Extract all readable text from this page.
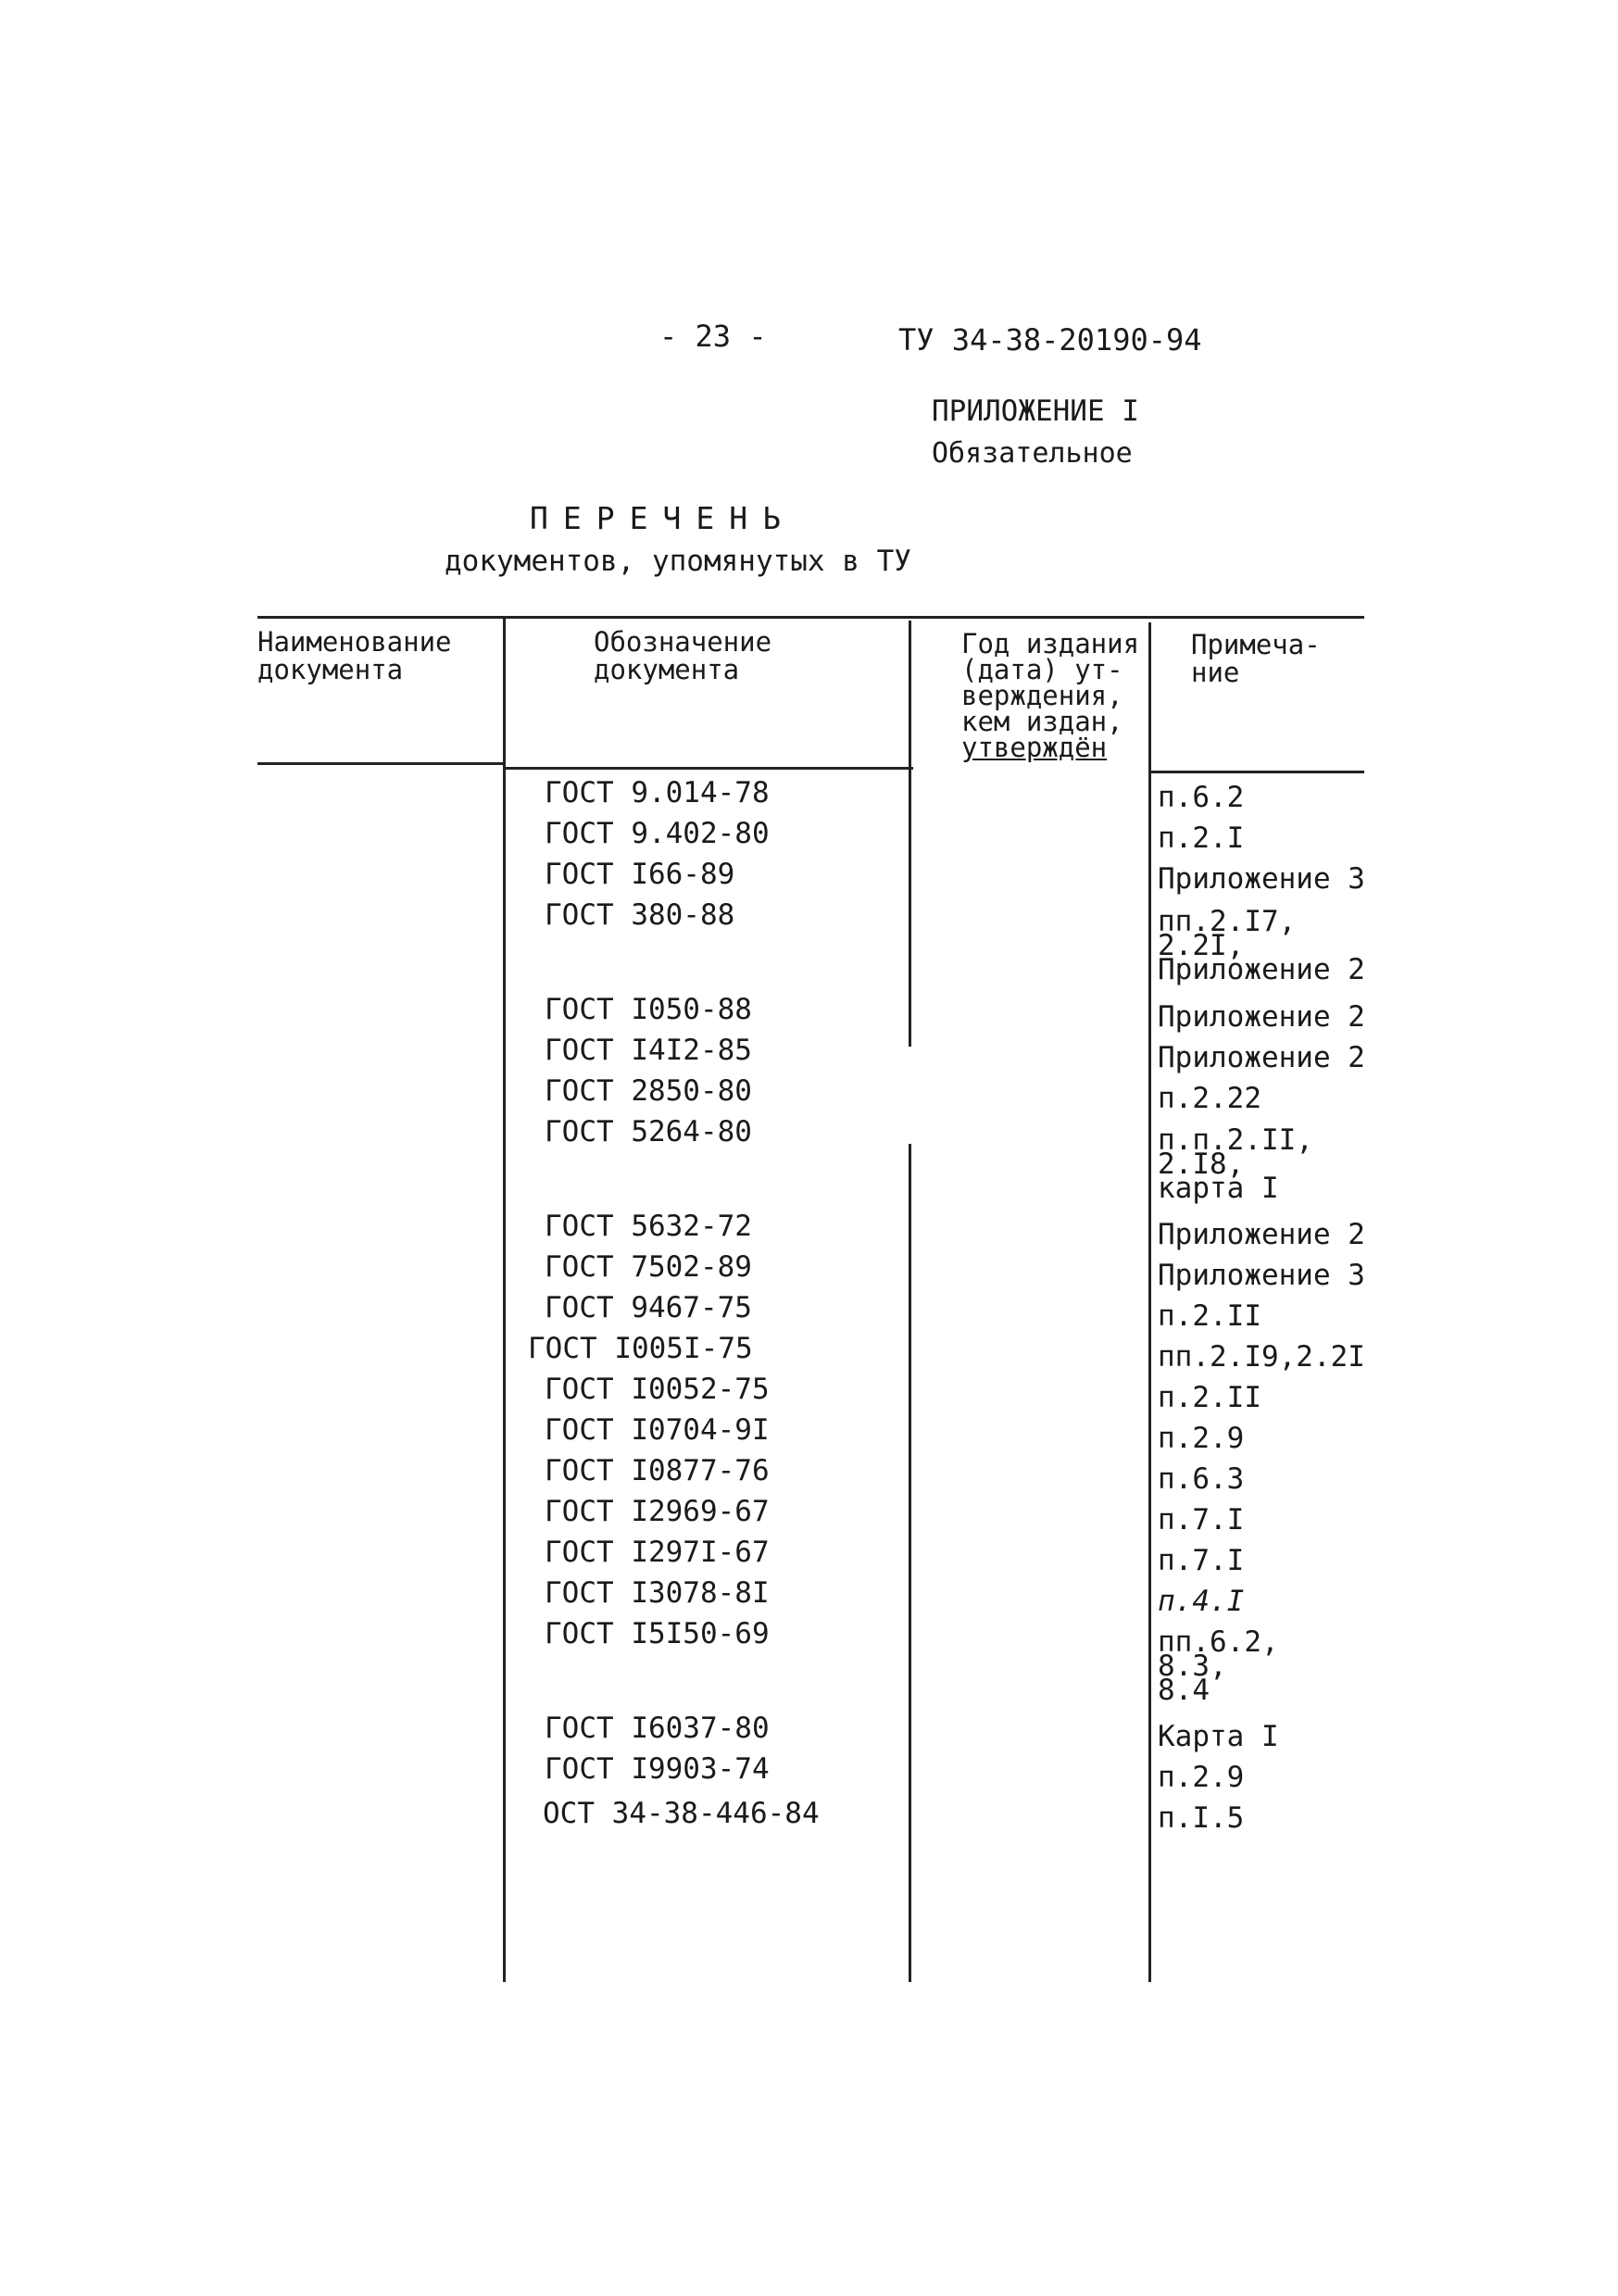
- 23 -	ТУ 34-38-20190-94
ПРИЛОЖЕНИЕ I
Обязательное
ПЕРЕЧЕНЬ
документов, упомянутых в ТУ
Наименование
документа
Обозначение
документа
Год издания
(дата) ут-
верждения,
кем издан,
утверждён
Примеча-
ние
ГОСТ 9.014-78
ГОСТ 9.402-80
ГОСТ I66-89
ГОСТ 380-88
ГОСТ I050-88
ГОСТ I4I2-85
ГОСТ 2850-80
ГОСТ 5264-80
ГОСТ 5632-72
ГОСТ 7502-89
ГОСТ 9467-75
ГОСТ I005I-75
ГОСТ I0052-75
ГОСТ I0704-9I
ГОСТ I0877-76
ГОСТ I2969-67
ГОСТ I297I-67
ГОСТ I3078-8I
ГОСТ I5I50-69
ГОСТ I6037-80
ГОСТ I9903-74
ОСТ 34-38-446-84
п.6.2
п.2.I
Приложение 3
пп.2.I7,
2.2I,
Приложение 2
Приложение 2
Приложение 2
п.2.22
п.п.2.II,
2.I8,
карта I
Приложение 2
Приложение 3
п.2.II
пп.2.I9,2.2I
п.2.II
п.2.9
п.6.3
п.7.I
п.7.I
п.4.I
пп.6.2,
8.3,
8.4
Карта I
п.2.9
п.I.5
